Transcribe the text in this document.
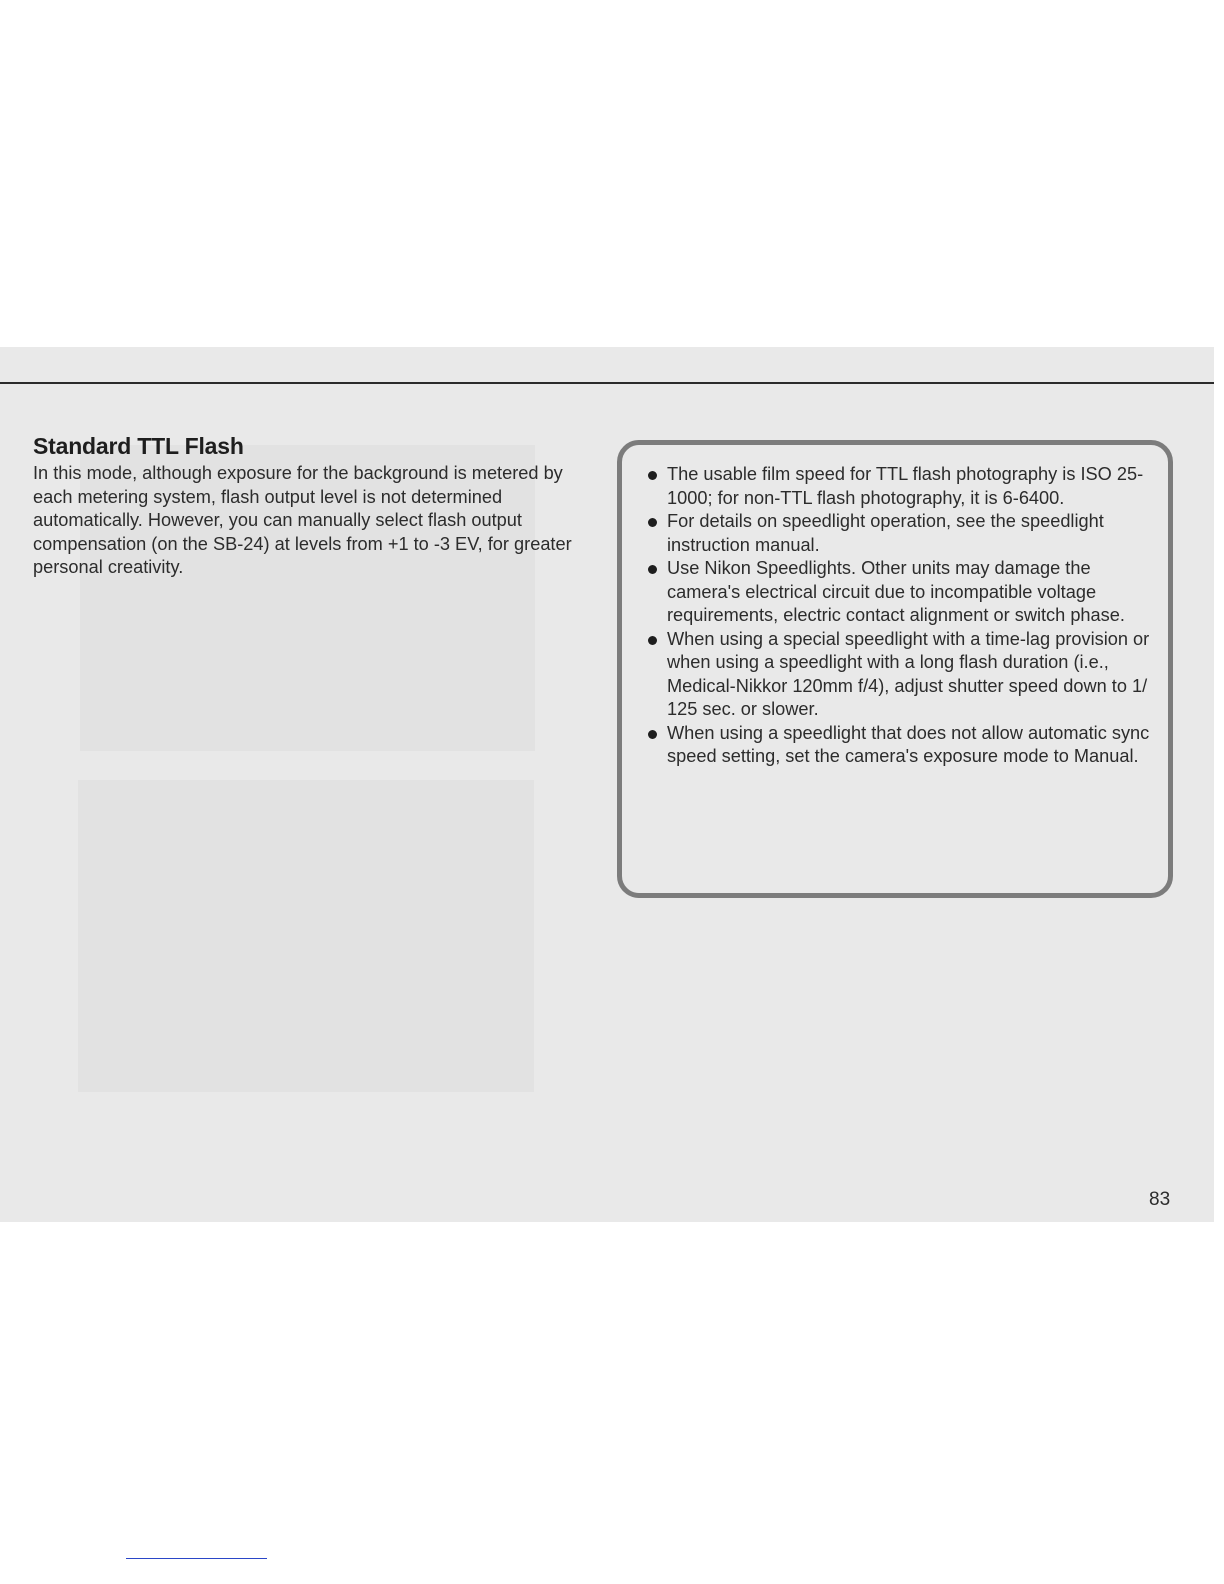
Standard TTL Flash

In this mode, although exposure for the background is metered by each metering system, flash output level is not determined automatically. However, you can manually select flash output compensation (on the SB-24) at levels from +1 to -3 EV, for greater personal creativity.

The usable film speed for TTL flash photography is ISO 25-1000; for non-TTL flash photography, it is 6-6400.
For details on speedlight operation, see the speedlight instruction manual.
Use Nikon Speedlights. Other units may damage the camera's electrical circuit due to incompatible voltage requirements, electric contact alignment or switch phase.
When using a special speedlight with a time-lag provision or when using a speedlight with a long flash duration (i.e., Medical-Nikkor 120mm f/4), adjust shutter speed down to 1/ 125 sec. or slower.
When using a speedlight that does not allow automatic sync speed setting, set the camera's exposure mode to Manual.
83
